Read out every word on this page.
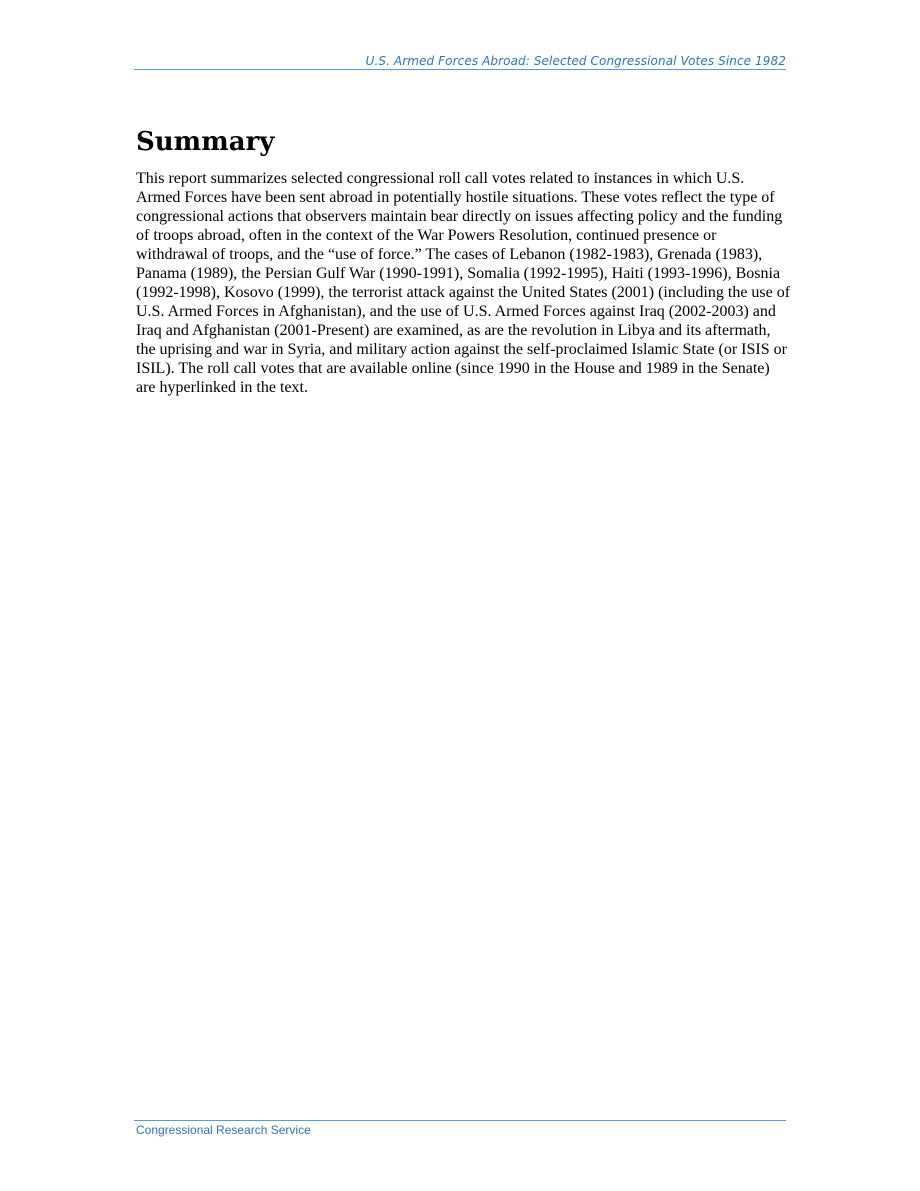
U.S. Armed Forces Abroad: Selected Congressional Votes Since 1982
Summary

This report summarizes selected congressional roll call votes related to instances in which U.S. Armed Forces have been sent abroad in potentially hostile situations. These votes reflect the type of congressional actions that observers maintain bear directly on issues affecting policy and the funding of troops abroad, often in the context of the War Powers Resolution, continued presence or withdrawal of troops, and the “use of force.” The cases of Lebanon (1982-1983), Grenada (1983), Panama (1989), the Persian Gulf War (1990-1991), Somalia (1992-1995), Haiti (1993-1996), Bosnia (1992-1998), Kosovo (1999), the terrorist attack against the United States (2001) (including the use of U.S. Armed Forces in Afghanistan), and the use of U.S. Armed Forces against Iraq (2002-2003) and Iraq and Afghanistan (2001-Present) are examined, as are the revolution in Libya and its aftermath, the uprising and war in Syria, and military action against the self-proclaimed Islamic State (or ISIS or ISIL). The roll call votes that are available online (since 1990 in the House and 1989 in the Senate) are hyperlinked in the text.

Congressional Research Service
